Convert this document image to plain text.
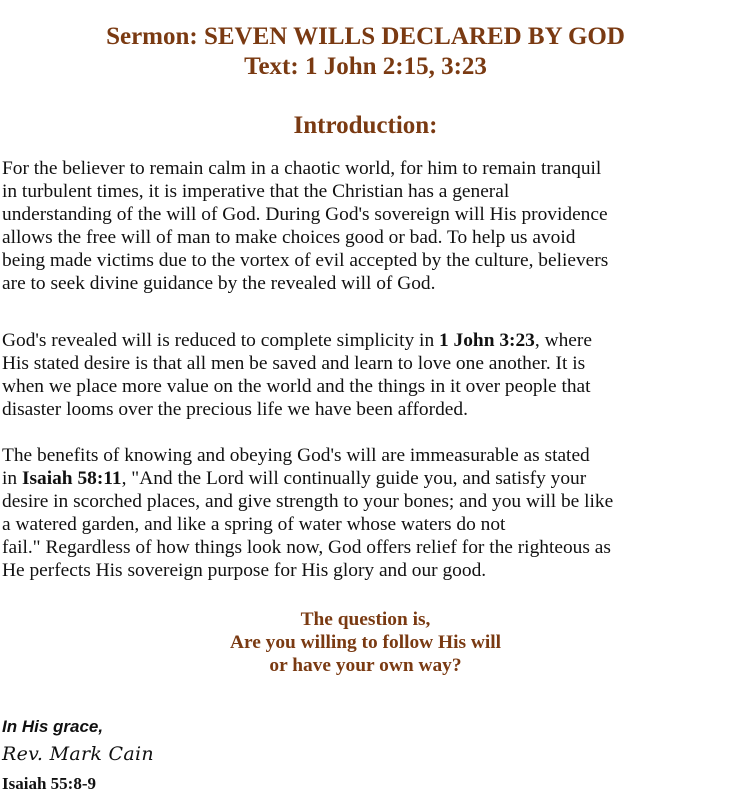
Sermon: SEVEN WILLS DECLARED BY GOD
Text: 1 John 2:15, 3:23
Introduction:
For the believer to remain calm in a chaotic world, for him to remain tranquil
in turbulent times, it is imperative that the Christian has a general
understanding of the will of God. During God's sovereign will His providence
allows the free will of man to make choices good or bad. To help us avoid
being made victims due to the vortex of evil accepted by the culture, believers
are to seek divine guidance by the revealed will of God.
God's revealed will is reduced to complete simplicity in 1 John 3:23, where
His stated desire is that all men be saved and learn to love one another. It is
when we place more value on the world and the things in it over people that
disaster looms over the precious life we have been afforded.
The benefits of knowing and obeying God's will are immeasurable as stated
in Isaiah 58:11, "And the Lord will continually guide you, and satisfy your
desire in scorched places, and give strength to your bones; and you will be like
a watered garden, and like a spring of water whose waters do not
fail." Regardless of how things look now, God offers relief for the righteous as
He perfects His sovereign purpose for His glory and our good.
The question is,
Are you willing to follow His will
or have your own way?
In His grace,
Rev. Mark Cain
Isaiah 55:8-9
